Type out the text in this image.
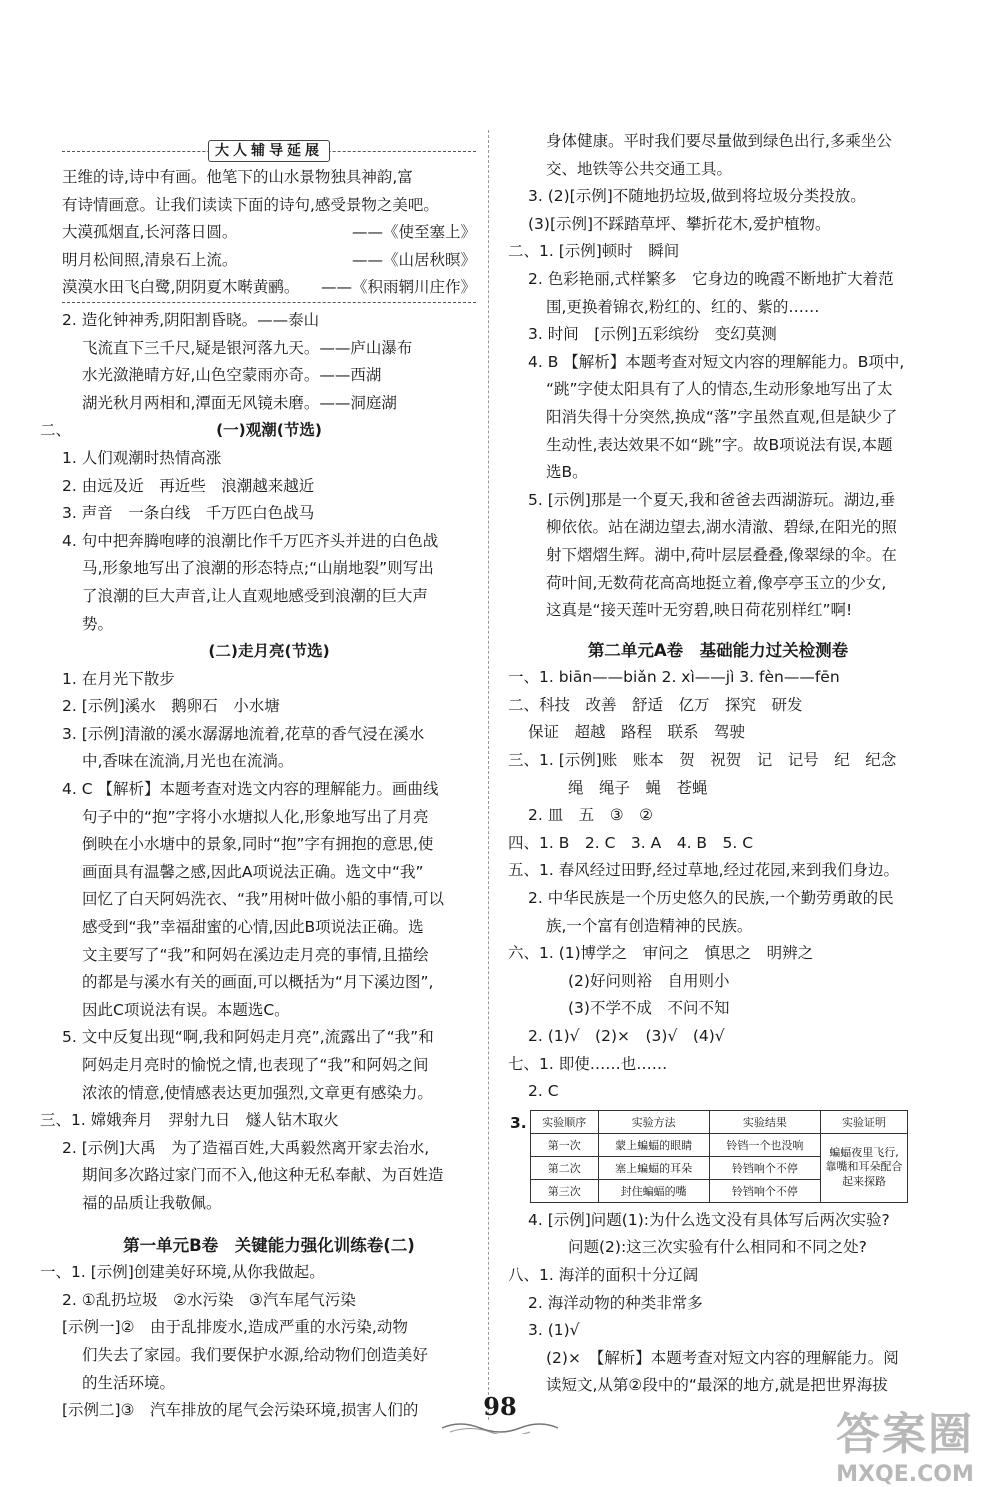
大人辅导延展
王维的诗,诗中有画。他笔下的山水景物独具神韵,富
有诗情画意。让我们读读下面的诗句,感受景物之美吧。
大漠孤烟直,长河落日圆。	——《使至塞上》
明月松间照,清泉石上流。	——《山居秋暝》
漠漠水田飞白鹭,阴阴夏木啭黄鹂。 ——《积雨辋川庄作》
2. 造化钟神秀,阴阳割昏晓。——泰山
飞流直下三千尺,疑是银河落九天。——庐山瀑布
水光潋滟晴方好,山色空蒙雨亦奇。——西湖
湖光秋月两相和,潭面无风镜未磨。——洞庭湖
二、	(一)观潮(节选)
1. 人们观潮时热情高涨
2. 由远及近　再近些　浪潮越来越近
3. 声音　一条白线　千万匹白色战马
4. 句中把奔腾咆哮的浪潮比作千万匹齐头并进的白色战
马,形象地写出了浪潮的形态特点;“山崩地裂”则写出
了浪潮的巨大声音,让人直观地感受到浪潮的巨大声
势。
(二)走月亮(节选)
1. 在月光下散步
2. [示例]溪水　鹅卵石　小水塘
3. [示例]清澈的溪水潺潺地流着,花草的香气浸在溪水
中,香味在流淌,月光也在流淌。
4. C 【解析】本题考查对选文内容的理解能力。画曲线
句子中的“抱”字将小水塘拟人化,形象地写出了月亮
倒映在小水塘中的景象,同时“抱”字有拥抱的意思,使
画面具有温馨之感,因此A项说法正确。选文中“我”
回忆了白天阿妈洗衣、“我”用树叶做小船的事情,可以
感受到“我”幸福甜蜜的心情,因此B项说法正确。选
文主要写了“我”和阿妈在溪边走月亮的事情,且描绘
的都是与溪水有关的画面,可以概括为“月下溪边图”,
因此C项说法有误。本题选C。
5. 文中反复出现“啊,我和阿妈走月亮”,流露出了“我”和
阿妈走月亮时的愉悦之情,也表现了“我”和阿妈之间
浓浓的情意,使情感表达更加强烈,文章更有感染力。
三、1. 嫦娥奔月　羿射九日　燧人钻木取火
2. [示例]大禹　为了造福百姓,大禹毅然离开家去治水,
期间多次路过家门而不入,他这种无私奉献、为百姓造
福的品质让我敬佩。
第一单元B卷　关键能力强化训练卷(二)
一、1. [示例]创建美好环境,从你我做起。
2. ①乱扔垃圾　②水污染　③汽车尾气污染
[示例一]②　由于乱排废水,造成严重的水污染,动物
们失去了家园。我们要保护水源,给动物们创造美好
的生活环境。
[示例二]③　汽车排放的尾气会污染环境,损害人们的
身体健康。平时我们要尽量做到绿色出行,多乘坐公
交、地铁等公共交通工具。
3. (2)[示例]不随地扔垃圾,做到将垃圾分类投放。
(3)[示例]不踩踏草坪、攀折花木,爱护植物。
二、1. [示例]顿时　瞬间
2. 色彩艳丽,式样繁多　它身边的晚霞不断地扩大着范
围,更换着锦衣,粉红的、红的、紫的……
3. 时间　[示例]五彩缤纷　变幻莫测
4. B 【解析】本题考查对短文内容的理解能力。B项中,
“跳”字使太阳具有了人的情态,生动形象地写出了太
阳消失得十分突然,换成“落”字虽然直观,但是缺少了
生动性,表达效果不如“跳”字。故B项说法有误,本题
选B。
5. [示例]那是一个夏天,我和爸爸去西湖游玩。湖边,垂
柳依依。站在湖边望去,湖水清澈、碧绿,在阳光的照
射下熠熠生辉。湖中,荷叶层层叠叠,像翠绿的伞。在
荷叶间,无数荷花高高地挺立着,像亭亭玉立的少女,
这真是“接天莲叶无穷碧,映日荷花别样红”啊!
第二单元A卷　基础能力过关检测卷
一、1. biān——biǎn 2. xì——jì 3. fèn——fēn
二、科技　改善　舒适　亿万　探究　研发
保证　超越　路程　联系　驾驶
三、1. [示例]账　账本　贺　祝贺　记　记号　纪　纪念
绳　绳子　蝇　苍蝇
2. 皿　五　③　②
四、1. B　2. C　3. A　4. B　5. C
五、1. 春风经过田野,经过草地,经过花园,来到我们身边。
2. 中华民族是一个历史悠久的民族,一个勤劳勇敢的民
族,一个富有创造精神的民族。
六、1. (1)博学之　审问之　慎思之　明辨之
(2)好问则裕　自用则小
(3)不学不成　不问不知
2. (1)√　(2)×　(3)√　(4)√
七、1. 即使……也……
2. C
3. 实验顺序	实验方法	实验结果	实验证明
第一次	蒙上蝙蝠的眼睛	铃铛一个也没响	蝙蝠夜里飞行,靠嘴和耳朵配合起来探路
第二次	塞上蝙蝠的耳朵	铃铛响个不停	
第三次	封住蝙蝠的嘴	铃铛响个不停	
4. [示例]问题(1):为什么选文没有具体写后两次实验?
问题(2):这三次实验有什么相同和不同之处?
八、1. 海洋的面积十分辽阔
2. 海洋动物的种类非常多
3. (1)√
(2)×　【解析】本题考查对短文内容的理解能力。阅
读短文,从第②段中的“最深的地方,就是把世界海拔
98
答案圈
MXQE.COM
